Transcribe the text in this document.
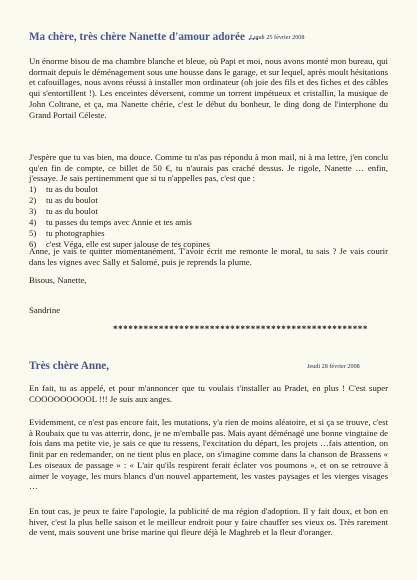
Ma chère, très chère Nanette d'amour adorée …
Lundi 25 février 2008

Un énorme bisou de ma chambre blanche et bleue, où Papi et moi, nous avons monté mon bureau, qui dormait depuis le déménagement sous une housse dans le garage, et sur lequel, après moult hésitations et cafouillages, nous avons réussi à installer mon ordinateur (oh joie des fils et des fiches et des câbles qui s'entortillent !). Les enceintes déversent, comme un torrent impétueux et cristallin, la musique de John Coltrane, et ça, ma Nanette chérie, c'est le début du bonheur, le ding dong de l'interphone du Grand Portail Céleste.

J'espère que tu vas bien, ma douce. Comme tu n'as pas répondu à mon mail, ni à ma lettre, j'en conclu qu'en fin de compte, ce billet de 50 €, tu n'aurais pas craché dessus. Je rigole, Nanette … enfin, j'essaye. Je sais pertinemment que si tu n'appelles pas, c'est que :

1) tu as du boulot
2) tu as du boulot
3) tu as du boulot
4) tu passes du temps avec Annie et tes amis
5) tu photographies
6) c'est Véga, elle est super jalouse de tes copines

Anne, je vais te quitter momentanément. T'avoir écrit me remonte le moral, tu sais ? Je vais courir dans les vignes avec Sally et Salomé, puis je reprends la plume.

Bisous, Nanette,

Sandrine

**************************************************
Très chère Anne,	Jeudi 28 février 2008

En fait, tu as appelé, et pour m'annoncer que tu voulais t'installer au Pradet, en plus ! C'est super COOOOOOOOOL !!! Je suis aux anges.

Evidemment, ce n'est pas encore fait, les mutations, y'a rien de moins aléatoire, et si ça se trouve, c'est à Roubaix que tu vas atterrir, donc, je ne m'emballe pas. Mais ayant déménagé une bonne vingtaine de fois dans ma petite vie, je sais ce que tu ressens, l'excitation du départ, les projets …fais attention, on finit par en redemander, on ne tient plus en place, on s'imagine comme dans la chanson de Brassens « Les oiseaux de passage » : « L'air qu'ils respirent ferait éclater vos poumons », et on se retrouve à aimer le voyage, les murs blancs d'un nouvel appartement, les vastes paysages et les vierges visages …

En tout cas, je peux te faire l'apologie, la publicité de ma région d'adoption. Il y fait doux, et bon en hiver, c'est la plus belle saison et le meilleur endroit pour y faire chauffer ses vieux os. Très rarement de vent, mais souvent une brise marine qui fleure déjà le Maghreb et la fleur d'oranger.
